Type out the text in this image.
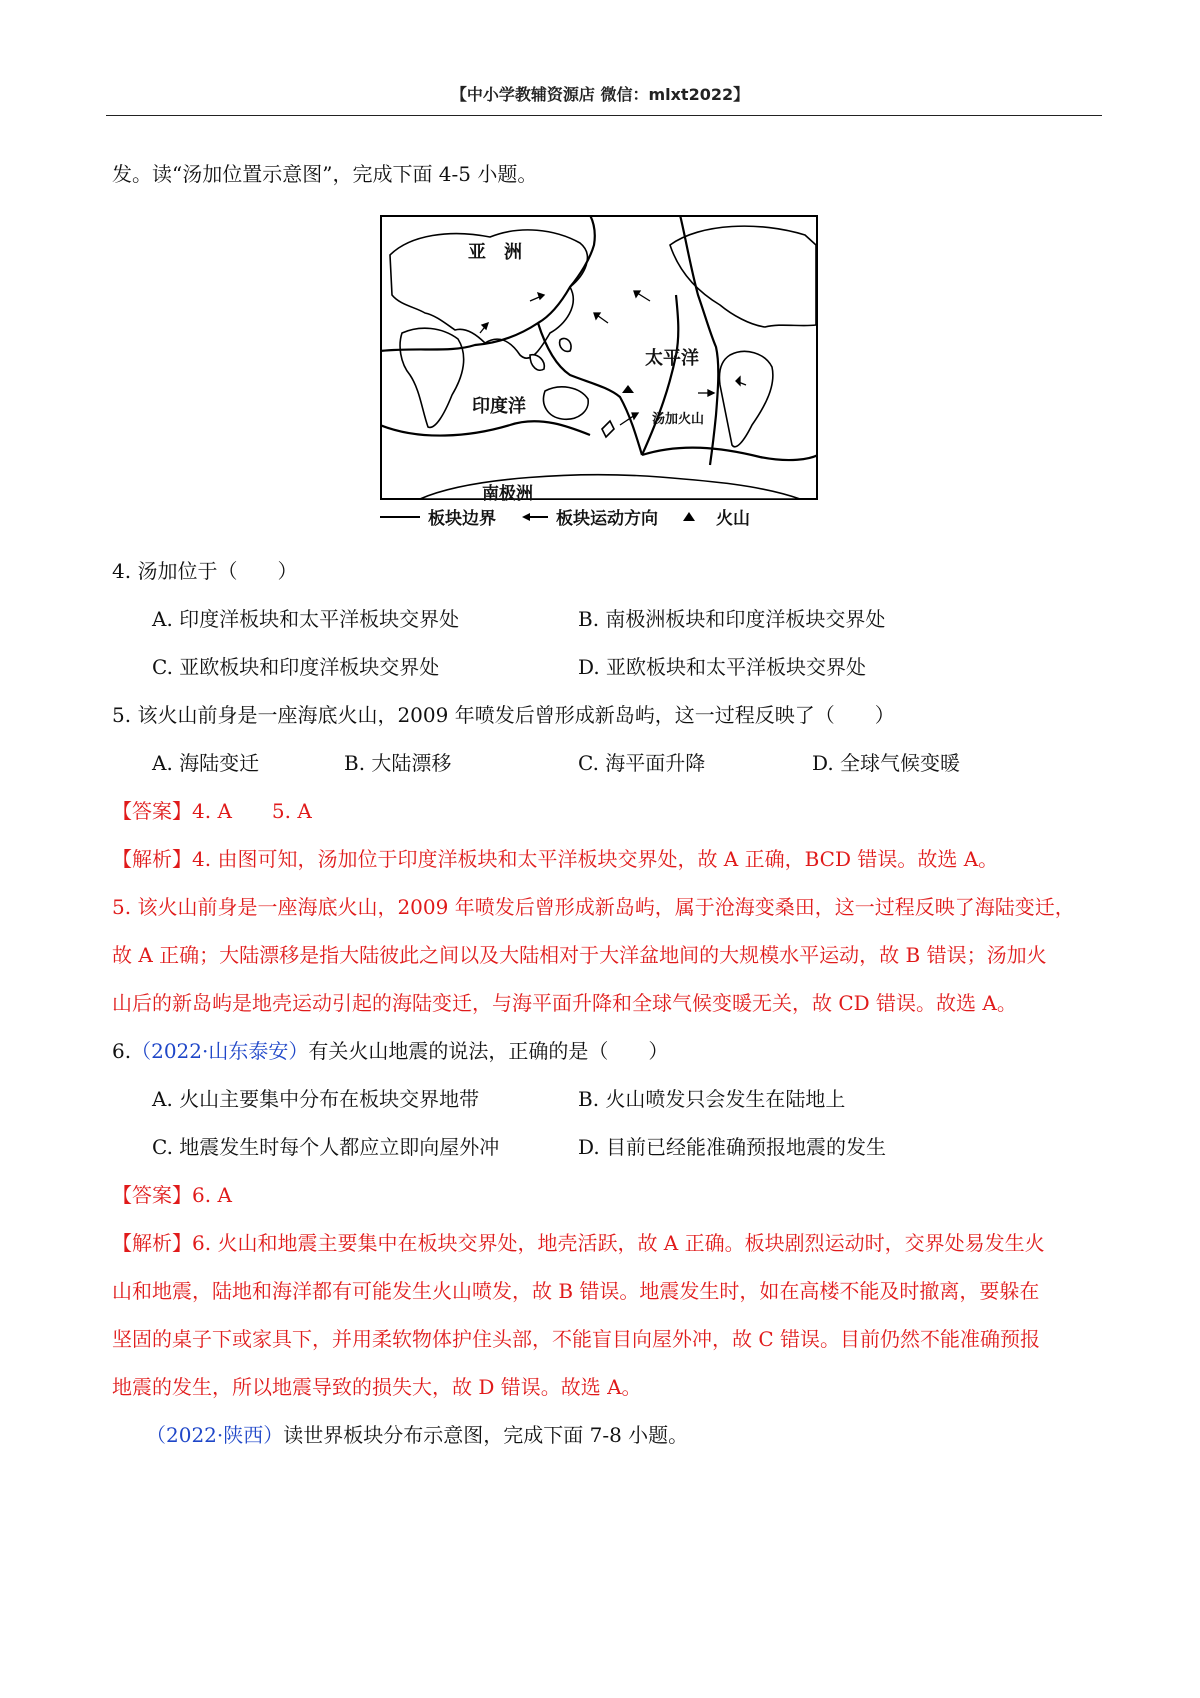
【中小学教辅资源店 微信：mlxt2022】
发。读“汤加位置示意图”，完成下面 4-5 小题。
亚　洲
太平洋
印度洋
汤加火山
南极洲
板块边界	板块运动方向	火山
4. 汤加位于（　　）
A. 印度洋板块和太平洋板块交界处	B. 南极洲板块和印度洋板块交界处
C. 亚欧板块和印度洋板块交界处	D. 亚欧板块和太平洋板块交界处
5. 该火山前身是一座海底火山，2009 年喷发后曾形成新岛屿，这一过程反映了（　　）
A. 海陆变迁	B. 大陆漂移	C. 海平面升降	D. 全球气候变暖
【答案】4. A　　5. A
【解析】4. 由图可知，汤加位于印度洋板块和太平洋板块交界处，故 A 正确，BCD 错误。故选 A。
5. 该火山前身是一座海底火山，2009 年喷发后曾形成新岛屿，属于沧海变桑田，这一过程反映了海陆变迁，
故 A 正确；大陆漂移是指大陆彼此之间以及大陆相对于大洋盆地间的大规模水平运动，故 B 错误；汤加火
山后的新岛屿是地壳运动引起的海陆变迁，与海平面升降和全球气候变暖无关，故 CD 错误。故选 A。
6.（2022·山东泰安）有关火山地震的说法，正确的是（　　）
A. 火山主要集中分布在板块交界地带	B. 火山喷发只会发生在陆地上
C. 地震发生时每个人都应立即向屋外冲	D. 目前已经能准确预报地震的发生
【答案】6. A
【解析】6. 火山和地震主要集中在板块交界处，地壳活跃，故 A 正确。板块剧烈运动时，交界处易发生火
山和地震，陆地和海洋都有可能发生火山喷发，故 B 错误。地震发生时，如在高楼不能及时撤离，要躲在
坚固的桌子下或家具下，并用柔软物体护住头部，不能盲目向屋外冲，故 C 错误。目前仍然不能准确预报
地震的发生，所以地震导致的损失大，故 D 错误。故选 A。
（2022·陕西）读世界板块分布示意图，完成下面 7-8 小题。
